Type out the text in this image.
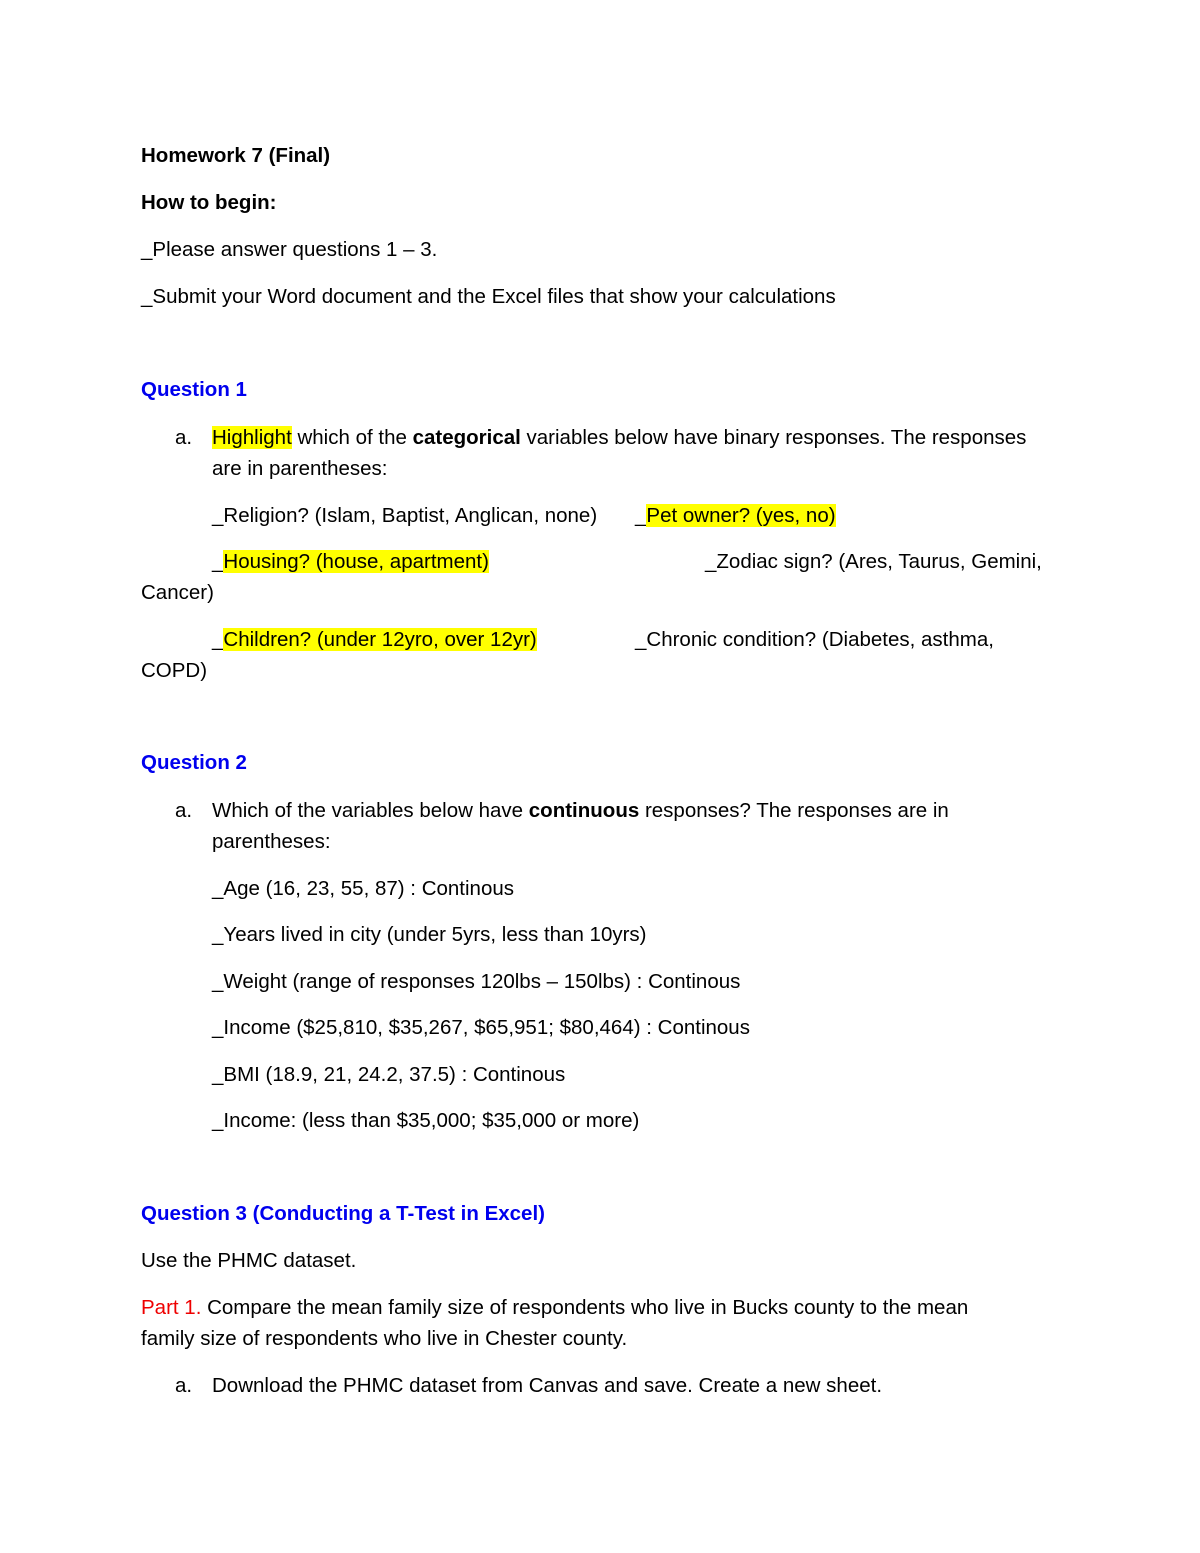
Homework 7 (Final)
How to begin:
_Please answer questions 1 – 3.
_Submit your Word document and the Excel files that show your calculations
Question 1
a. Highlight which of the categorical variables below have binary responses. The responses
are in parentheses:
_Religion? (Islam, Baptist, Anglican, none) _Pet owner? (yes, no)
_Housing? (house, apartment)	_Zodiac sign? (Ares, Taurus, Gemini,
Cancer)
_Children? (under 12yro, over 12yr)	_Chronic condition? (Diabetes, asthma,
COPD)
Question 2
a. Which of the variables below have continuous responses? The responses are in
parentheses:
_Age (16, 23, 55, 87) : Continous
_Years lived in city (under 5yrs, less than 10yrs)
_Weight (range of responses 120lbs – 150lbs) : Continous
_Income ($25,810, $35,267, $65,951; $80,464) : Continous
_BMI (18.9, 21, 24.2, 37.5) : Continous
_Income: (less than $35,000; $35,000 or more)
Question 3 (Conducting a T-Test in Excel)
Use the PHMC dataset.
Part 1. Compare the mean family size of respondents who live in Bucks county to the mean
family size of respondents who live in Chester county.
a. Download the PHMC dataset from Canvas and save. Create a new sheet.
